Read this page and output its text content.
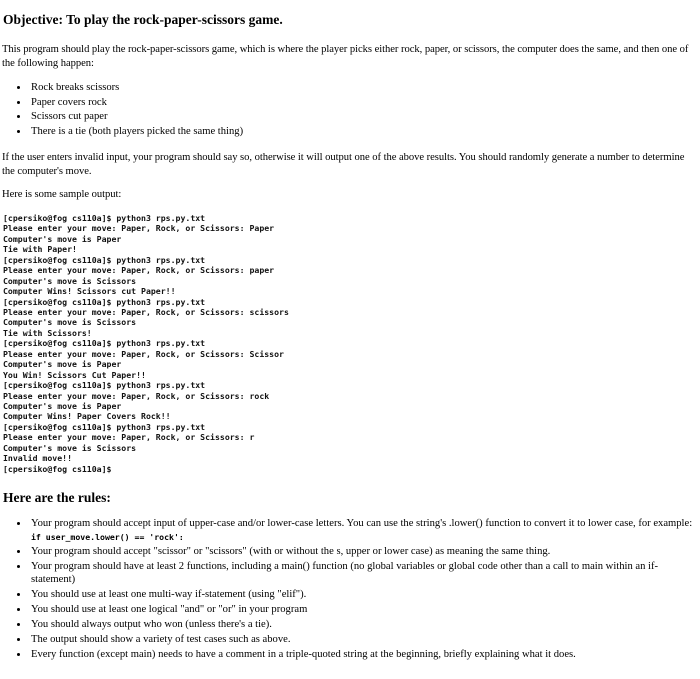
Objective: To play the rock-paper-scissors game.

This program should play the rock-paper-scissors game, which is where the player picks either rock, paper, or scissors, the computer does the same, and then one of the following happen:

• Rock breaks scissors
• Paper covers rock
• Scissors cut paper
• There is a tie (both players picked the same thing)

If the user enters invalid input, your program should say so, otherwise it will output one of the above results. You should randomly generate a number to determine the computer's move.

Here is some sample output:

[cpersiko@fog cs110a]$ python3 rps.py.txt
Please enter your move: Paper, Rock, or Scissors: Paper
Computer's move is Paper
Tie with Paper!
[cpersiko@fog cs110a]$ python3 rps.py.txt
Please enter your move: Paper, Rock, or Scissors: paper
Computer's move is Scissors
Computer Wins! Scissors cut Paper!!
[cpersiko@fog cs110a]$ python3 rps.py.txt
Please enter your move: Paper, Rock, or Scissors: scissors
Computer's move is Scissors
Tie with Scissors!
[cpersiko@fog cs110a]$ python3 rps.py.txt
Please enter your move: Paper, Rock, or Scissors: Scissor
Computer's move is Paper
You Win! Scissors Cut Paper!!
[cpersiko@fog cs110a]$ python3 rps.py.txt
Please enter your move: Paper, Rock, or Scissors: rock
Computer's move is Paper
Computer Wins! Paper Covers Rock!!
[cpersiko@fog cs110a]$ python3 rps.py.txt
Please enter your move: Paper, Rock, or Scissors: r
Computer's move is Scissors
Invalid move!!
[cpersiko@fog cs110a]$
Here are the rules:
• Your program should accept input of upper-case and/or lower-case letters. You can use the string's .lower() function to convert it to lower case, for example:
if user_move.lower() == 'rock':
• Your program should accept "scissor" or "scissors" (with or without the s, upper or lower case) as meaning the same thing.
• Your program should have at least 2 functions, including a main() function (no global variables or global code other than a call to main within an if-statement)
• You should use at least one multi-way if-statement (using "elif").
• You should use at least one logical "and" or "or" in your program
• You should always output who won (unless there's a tie).
• The output should show a variety of test cases such as above.
• Every function (except main) needs to have a comment in a triple-quoted string at the beginning, briefly explaining what it does.
